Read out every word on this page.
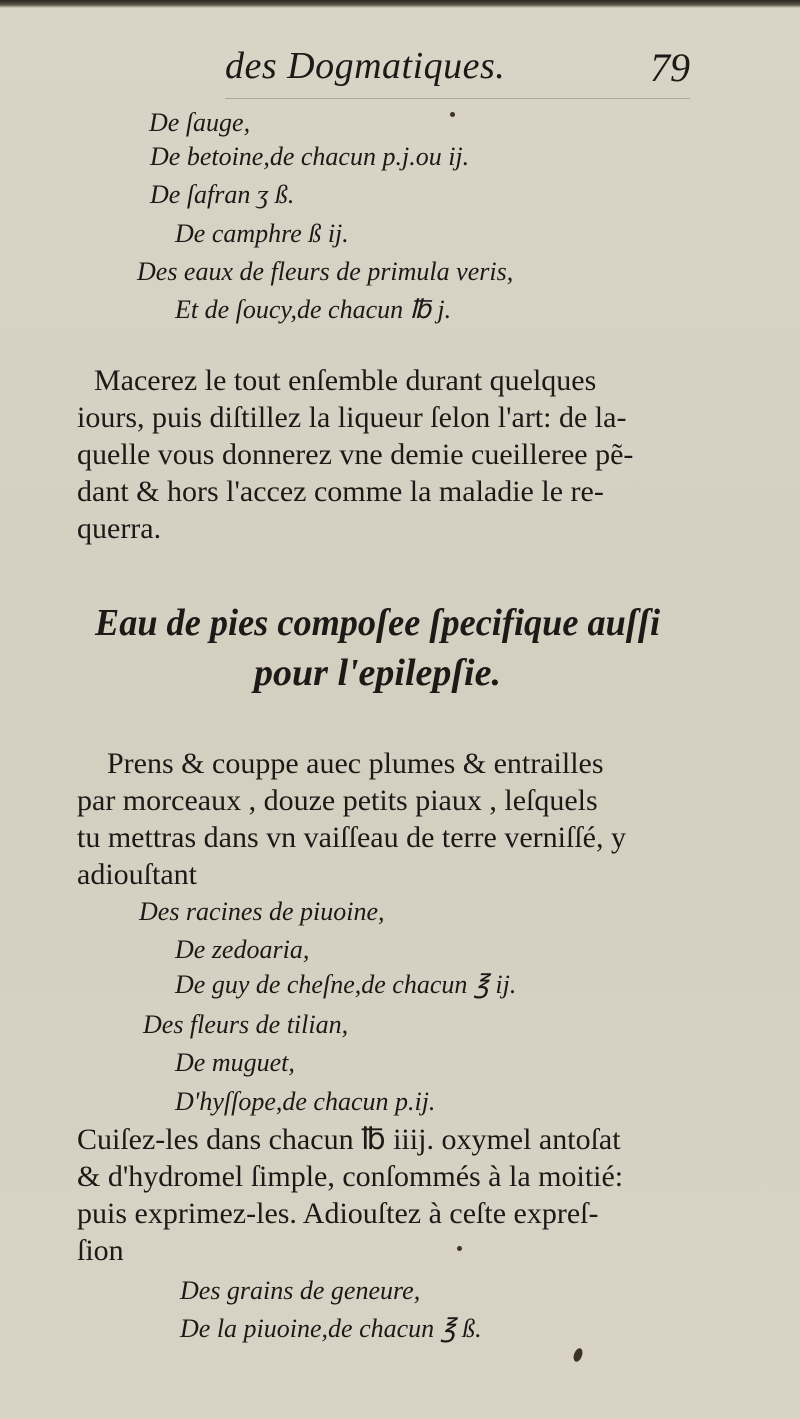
des Dogmatiques.	79
De ſauge,
De betoine,de chacun p.j.ou ij.
De ſafran ʒ ß.
De camphre ß ij.
Des eaux de fleurs de primula veris,
Et de ſoucy,de chacun ℔ j.
Macerez le tout enſemble durant quelques
iours, puis diſtillez la liqueur ſelon l'art: de la-
quelle vous donnerez vne demie cueilleree pẽ-
dant & hors l'accez comme la maladie le re-
querra.
Eau de pies compoſee ſpecifique auſſi
pour l'epilepſie.
Prens & couppe auec plumes & entrailles
par morceaux , douze petits piaux , leſquels
tu mettras dans vn vaiſſeau de terre verniſſé, y
adiouſtant
Des racines de piuoine,
De zedoaria,
De guy de cheſne,de chacun ℥ ij.
Des fleurs de tilian,
De muguet,
D'hyſſope,de chacun p.ij.
Cuiſez-les dans chacun ℔ iiij. oxymel antoſat
& d'hydromel ſimple, conſommés à la moitié:
puis exprimez-les. Adiouſtez à ceſte expreſ-
ſion
Des grains de geneure,
De la piuoine,de chacun ℥ ß.
